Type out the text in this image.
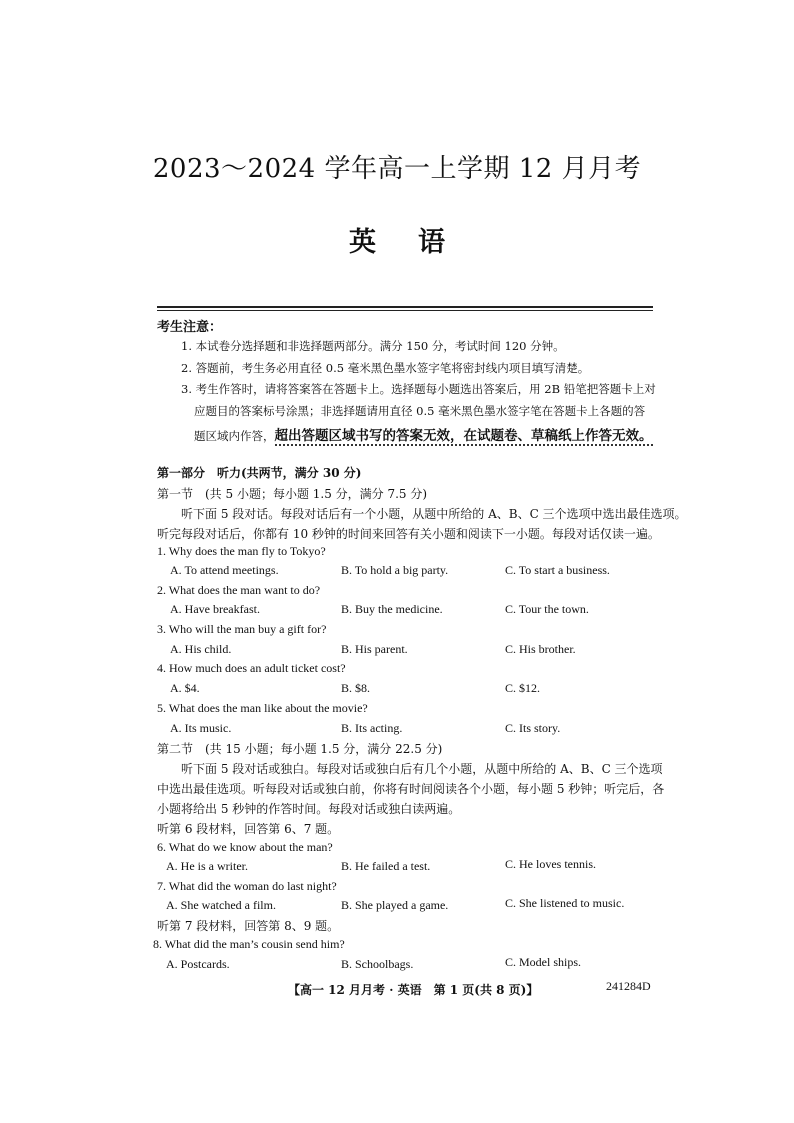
2023～2024 学年高一上学期 12 月月考
英语
考生注意：
1. 本试卷分选择题和非选择题两部分。满分 150 分，考试时间 120 分钟。
2. 答题前，考生务必用直径 0.5 毫米黑色墨水签字笔将密封线内项目填写清楚。
3. 考生作答时，请将答案答在答题卡上。选择题每小题选出答案后，用 2B 铅笔把答题卡上对
应题目的答案标号涂黑；非选择题请用直径 0.5 毫米黑色墨水签字笔在答题卡上各题的答
题区域内作答，超出答题区域书写的答案无效，在试题卷、草稿纸上作答无效。
第一部分　听力(共两节，满分 30 分)
第一节　(共 5 小题；每小题 1.5 分，满分 7.5 分)
听下面 5 段对话。每段对话后有一个小题，从题中所给的 A、B、C 三个选项中选出最佳选项。
听完每段对话后，你都有 10 秒钟的时间来回答有关小题和阅读下一小题。每段对话仅读一遍。
1. Why does the man fly to Tokyo?
A. To attend meetings.	B. To hold a big party.	C. To start a business.
2. What does the man want to do?
A. Have breakfast.	B. Buy the medicine.	C. Tour the town.
3. Who will the man buy a gift for?
A. His child.	B. His parent.	C. His brother.
4. How much does an adult ticket cost?
A. $4.	B. $8.	C. $12.
5. What does the man like about the movie?
A. Its music.	B. Its acting.	C. Its story.
第二节　(共 15 小题；每小题 1.5 分，满分 22.5 分)
听下面 5 段对话或独白。每段对话或独白后有几个小题，从题中所给的 A、B、C 三个选项
中选出最佳选项。听每段对话或独白前，你将有时间阅读各个小题，每小题 5 秒钟；听完后，各
小题将给出 5 秒钟的作答时间。每段对话或独白读两遍。
听第 6 段材料，回答第 6、7 题。
6. What do we know about the man?
A. He is a writer.	B. He failed a test.	C. He loves tennis.
7. What did the woman do last night?
A. She watched a film.	B. She played a game.	C. She listened to music.
听第 7 段材料，回答第 8、9 题。
8. What did the man’s cousin send him?
A. Postcards.	B. Schoolbags.	C. Model ships.
【高一 12 月月考 · 英语　第 1 页(共 8 页)】	241284D
